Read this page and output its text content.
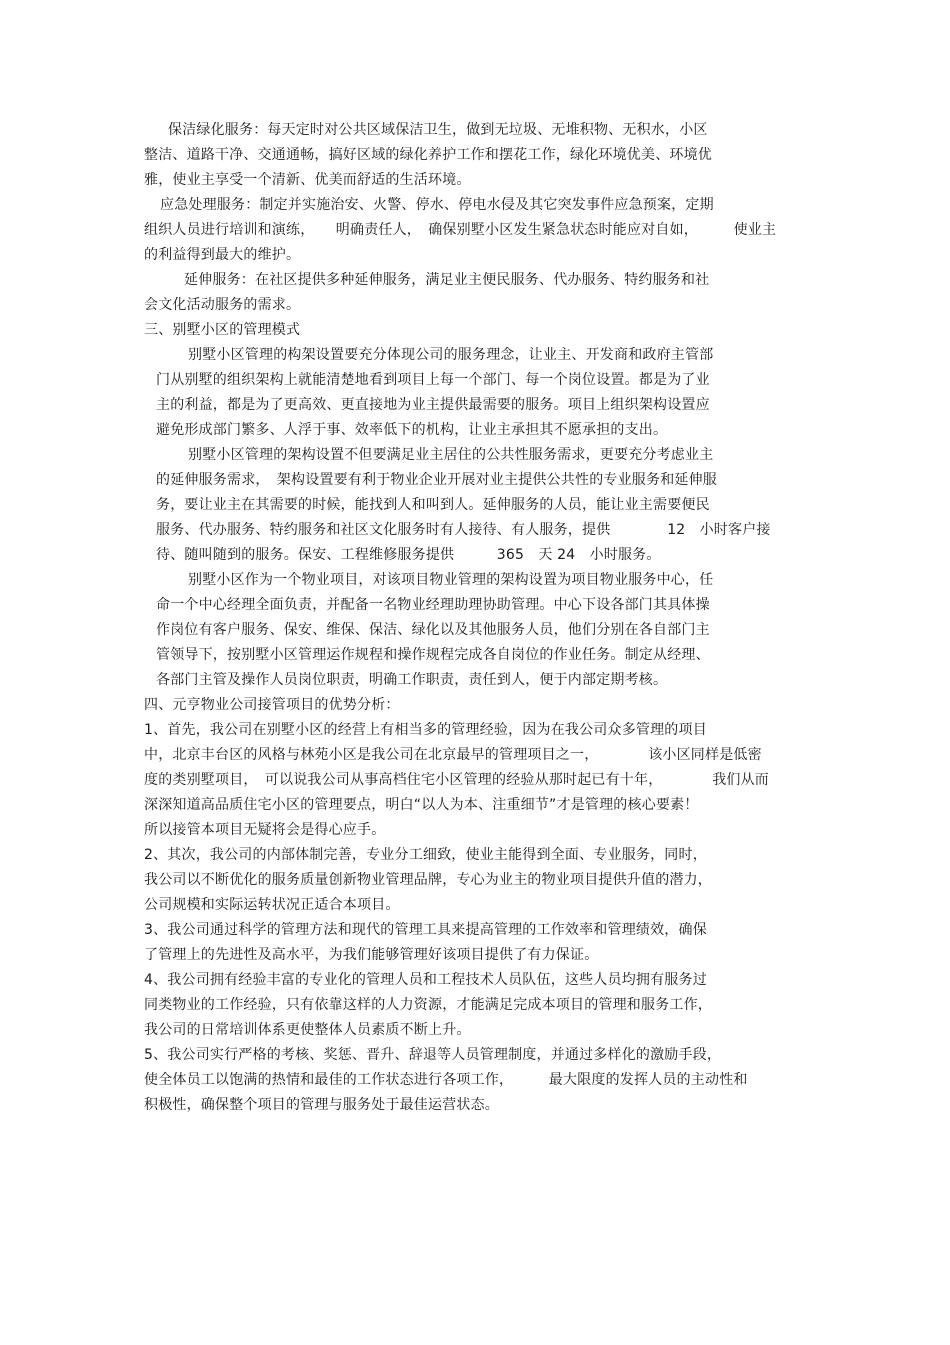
保洁绿化服务：每天定时对公共区域保洁卫生，做到无垃圾、无堆积物、无积水，小区
整洁、道路干净、交通通畅，搞好区域的绿化养护工作和摆花工作，绿化环境优美、环境优
雅，使业主享受一个清新、优美而舒适的生活环境。
应急处理服务：制定并实施治安、火警、停水、停电水侵及其它突发事件应急预案，定期
组织人员进行培训和演练，　　明确责任人，　确保别墅小区发生紧急状态时能应对自如，　　　使业主
的利益得到最大的维护。
延伸服务：在社区提供多种延伸服务，满足业主便民服务、代办服务、特约服务和社
会文化活动服务的需求。
三、别墅小区的管理模式
别墅小区管理的构架设置要充分体现公司的服务理念，让业主、开发商和政府主管部
门从别墅的组织架构上就能清楚地看到项目上每一个部门、每一个岗位设置。都是为了业
主的利益，都是为了更高效、更直接地为业主提供最需要的服务。项目上组织架构设置应
避免形成部门繁多、人浮于事、效率低下的机构，让业主承担其不愿承担的支出。
别墅小区管理的架构设置不但要满足业主居住的公共性服务需求，更要充分考虑业主
的延伸服务需求，　架构设置要有利于物业企业开展对业主提供公共性的专业服务和延伸服
务，要让业主在其需要的时候，能找到人和叫到人。延伸服务的人员，能让业主需要便民
服务、代办服务、特约服务和社区文化服务时有人接待、有人服务，提供　　　　12　小时客户接
待、随叫随到的服务。保安、工程维修服务提供　　　365　天 24　小时服务。
别墅小区作为一个物业项目，对该项目物业管理的架构设置为项目物业服务中心，任
命一个中心经理全面负责，并配备一名物业经理助理协助管理。中心下设各部门其具体操
作岗位有客户服务、保安、维保、保洁、绿化以及其他服务人员，他们分别在各自部门主
管领导下，按别墅小区管理运作规程和操作规程完成各自岗位的作业任务。制定从经理、
各部门主管及操作人员岗位职责，明确工作职责，责任到人，便于内部定期考核。
四、元亨物业公司接管项目的优势分析：
1、首先，我公司在别墅小区的经营上有相当多的管理经验，因为在我公司众多管理的项目
中，北京丰台区的风格与林苑小区是我公司在北京最早的管理项目之一，　　　　该小区同样是低密
度的类别墅项目，　可以说我公司从事高档住宅小区管理的经验从那时起已有十年，　　　　我们从而
深深知道高品质住宅小区的管理要点，明白“以人为本、注重细节”才是管理的核心要素！
所以接管本项目无疑将会是得心应手。
2、其次，我公司的内部体制完善，专业分工细致，使业主能得到全面、专业服务，同时，
我公司以不断优化的服务质量创新物业管理品牌，专心为业主的物业项目提供升值的潜力，
公司规模和实际运转状况正适合本项目。
3、我公司通过科学的管理方法和现代的管理工具来提高管理的工作效率和管理绩效，确保
了管理上的先进性及高水平，为我们能够管理好该项目提供了有力保证。
4、我公司拥有经验丰富的专业化的管理人员和工程技术人员队伍，这些人员均拥有服务过
同类物业的工作经验，只有依靠这样的人力资源，才能满足完成本项目的管理和服务工作，
我公司的日常培训体系更使整体人员素质不断上升。
5、我公司实行严格的考核、奖惩、晋升、辞退等人员管理制度，并通过多样化的激励手段，
使全体员工以饱满的热情和最佳的工作状态进行各项工作，　　　最大限度的发挥人员的主动性和
积极性，确保整个项目的管理与服务处于最佳运营状态。
